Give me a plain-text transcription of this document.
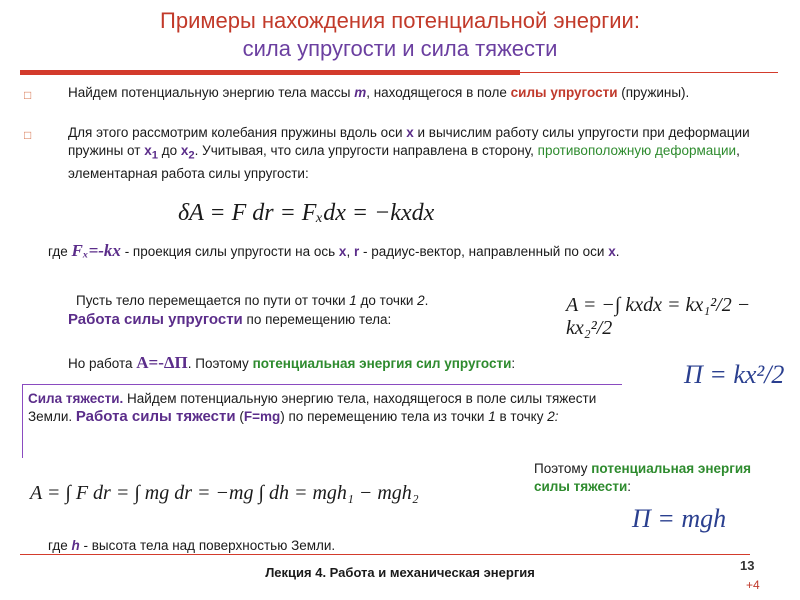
Примеры нахождения потенциальной энергии:
сила упругости и сила тяжести
□	Найдем потенциальную энергию тела массы m, находящегося в поле силы упругости (пружины).
□	Для этого рассмотрим колебания пружины вдоль оси x и вычислим работу силы упругости при деформации пружины от $x_1$ до $x_2$. Учитывая, что сила упругости направлена в сторону, противоположную деформации, элементарная работа силы упругости:
δA = F dr = Fₓdx = −kxdx
где Fₓ=-kx - проекция силы упругости на ось x, r - радиус-вектор, направленный по оси x.
Пусть тело перемещается по пути от точки 1 до точки 2.
Работа силы упругости по перемещению тела:
A = −∫ kxdx = kx₁²/2 − kx₂²/2
Но работа A=-ΔП. Поэтому потенциальная энергия сил упругости:	П = kx²/2
Сила тяжести. Найдем потенциальную энергию тела, находящегося в поле силы тяжести Земли. Работа силы тяжести (F=mg) по перемещению тела из точки 1 в точку 2:
A = ∫ F dr = ∫ mg dr = −mg ∫ dh = mgh₁ − mgh₂
Поэтому потенциальная энергия силы тяжести:
П = mgh
где h - высота тела над поверхностью Земли.
Лекция 4. Работа и механическая энергия	13
+4
